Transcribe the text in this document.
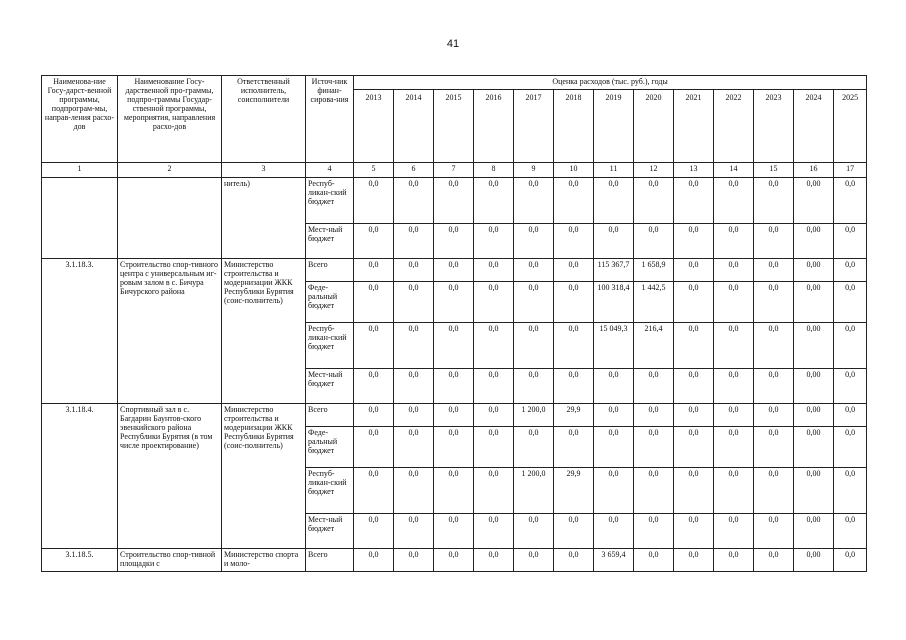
41
Наименова-ние Госу-дарст-венной программы, подпрограм-мы, направ-ления расхо-дов	Наименование Госу-дарственной про-граммы, подпро-граммы Государ-ственной программы, мероприятия, направления расхо-дов	Ответственный исполнитель, соисполнители	Источ-ник финан-сирова-ния	Оценка расходов (тыс. руб.), годы												
				2013	2014	2015	2016	2017	2018	2019	2020	2021	2022	2023	2024	2025
1	2	3	4	5	6	7	8	9	10	11	12	13	14	15	16	17
		нитель)	Респуб-ликан-ский бюджет	0,0	0,0	0,0	0,0	0,0	0,0	0,0	0,0	0,0	0,0	0,0	0,00	0,0
			Мест-ный бюджет	0,0	0,0	0,0	0,0	0,0	0,0	0,0	0,0	0,0	0,0	0,0	0,00	0,0
3.1.18.3.	Строительство спор-тивного центра с универсальным иг-ровым залом в с. Бичура Бичурского района	Министерство строительства и модернизации ЖКК Республики Бурятия (соис-полнитель)	Всего	0,0	0,0	0,0	0,0	0,0	0,0	115 367,7	1 658,9	0,0	0,0	0,0	0,00	0,0
			Феде-ральный бюджет	0,0	0,0	0,0	0,0	0,0	0,0	100 318,4	1 442,5	0,0	0,0	0,0	0,00	0,0
			Респуб-ликан-ский бюджет	0,0	0,0	0,0	0,0	0,0	0,0	15 049,3	216,4	0,0	0,0	0,0	0,00	0,0
			Мест-ный бюджет	0,0	0,0	0,0	0,0	0,0	0,0	0,0	0,0	0,0	0,0	0,0	0,00	0,0
3.1.18.4.	Спортивный зал в с. Багдарин Баунтов-ского эвенкийского района Республики Бурятия (в том числе проектирование)	Министерство строительства и модернизации ЖКК Республики Бурятия (соис-полнитель)	Всего	0,0	0,0	0,0	0,0	1 200,0	29,9	0,0	0,0	0,0	0,0	0,0	0,00	0,0
			Феде-ральный бюджет	0,0	0,0	0,0	0,0	0,0	0,0	0,0	0,0	0,0	0,0	0,0	0,00	0,0
			Респуб-ликан-ский бюджет	0,0	0,0	0,0	0,0	1 200,0	29,9	0,0	0,0	0,0	0,0	0,0	0,00	0,0
			Мест-ный бюджет	0,0	0,0	0,0	0,0	0,0	0,0	0,0	0,0	0,0	0,0	0,0	0,00	0,0
3.1.18.5.	Строительство спор-тивной площадки с	Министерство спорта и моло-	Всего	0,0	0,0	0,0	0,0	0,0	0,0	3 659,4	0,0	0,0	0,0	0,0	0,00	0,0
